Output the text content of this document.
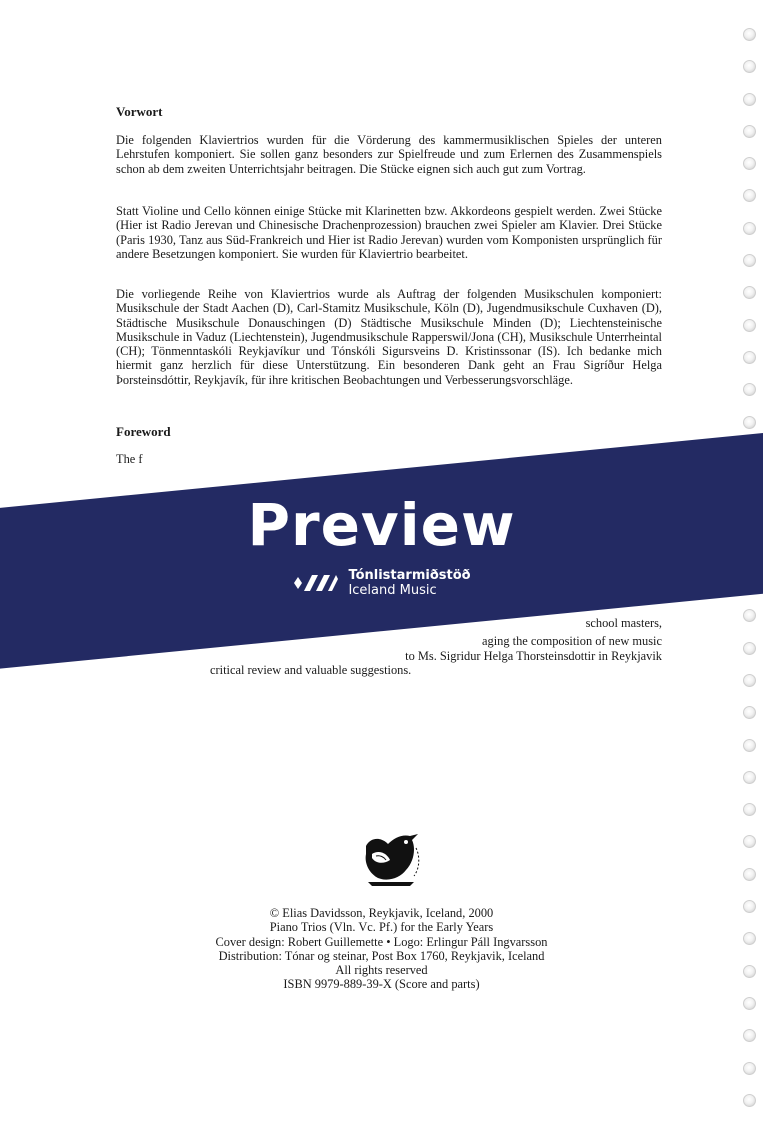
Vorwort

Die folgenden Klaviertrios wurden für die Vörderung des kammermusiklischen Spieles der unteren Lehrstufen komponiert. Sie sollen ganz besonders zur Spielfreude und zum Erlernen des Zusammenspiels schon ab dem zweiten Unterrichtsjahr beitragen. Die Stücke eignen sich auch gut zum Vortrag.

Statt Violine und Cello können einige Stücke mit Klarinetten bzw. Akkordeons gespielt werden. Zwei Stücke (Hier ist Radio Jerevan und Chinesische Drachenprozession) brauchen zwei Spieler am Klavier. Drei Stücke (Paris 1930, Tanz aus Süd-Frankreich und Hier ist Radio Jerevan) wurden vom Komponisten ursprünglich für andere Besetzungen komponiert. Sie wurden für Klaviertrio bearbeitet.

Die vorliegende Reihe von Klaviertrios wurde als Auftrag der folgenden Musikschulen komponiert: Musikschule der Stadt Aachen (D), Carl-Stamitz Musikschule, Köln (D), Jugendmusikschule Cuxhaven (D), Städtische Musikschule Donauschingen (D) Städtische Musikschule Minden (D); Liechtensteinische Musikschule in Vaduz (Liechtenstein), Jugendmusikschule Rapperswil/Jona (CH), Musikschule Unterrheintal (CH); Tönmenntaskóli Reykjavíkur und Tónskóli Sigursveins D. Kristinssonar (IS). Ich bedanke mich hiermit ganz herzlich für diese Unterstützung. Ein besonderen Dank geht an Frau Sigríður Helga Þorsteinsdóttir, Reykjavík, für ihre kritischen Beobachtungen und Verbesserungsvorschläge.

Foreword

The f

school masters,

aging the composition of new music

to Ms. Sigridur Helga Thorsteinsdottir in Reykjavik

critical review and valuable suggestions.

Preview
Tónlistarmiðstöð
Iceland Music
© Elias Davidsson, Reykjavik, Iceland, 2000
Piano Trios (Vln. Vc. Pf.) for the Early Years
Cover design: Robert Guillemette • Logo: Erlingur Páll Ingvarsson
Distribution: Tónar og steinar, Post Box 1760, Reykjavik, Iceland
All rights reserved
ISBN 9979-889-39-X (Score and parts)
